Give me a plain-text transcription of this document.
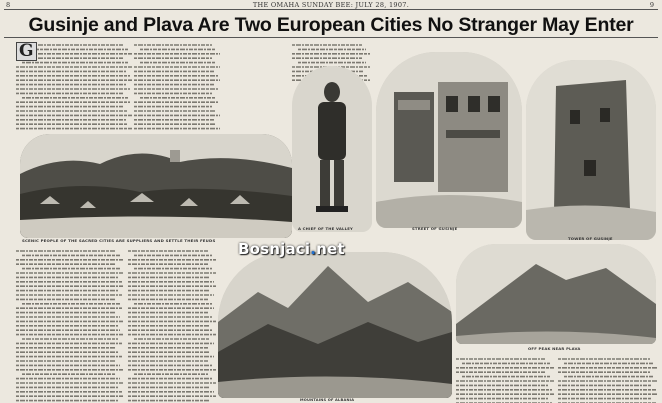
8	THE OMAHA SUNDAY BEE: JULY 28, 1907.	9
Gusinje and Plava Are Two European Cities No Stranger May Enter
G
SCENIC PEOPLE OF THE SACRED CITIES ARE SUPPLIERS AND SETTLE THEIR FEUDS
A CHIEF OF THE VALLEY	STREET OF GUSINJE
TOWER OF GUSINJE
MOUNTAINS OF ALBANIA
OFF PEAK NEAR PLAVA
Bosnjaci.net
